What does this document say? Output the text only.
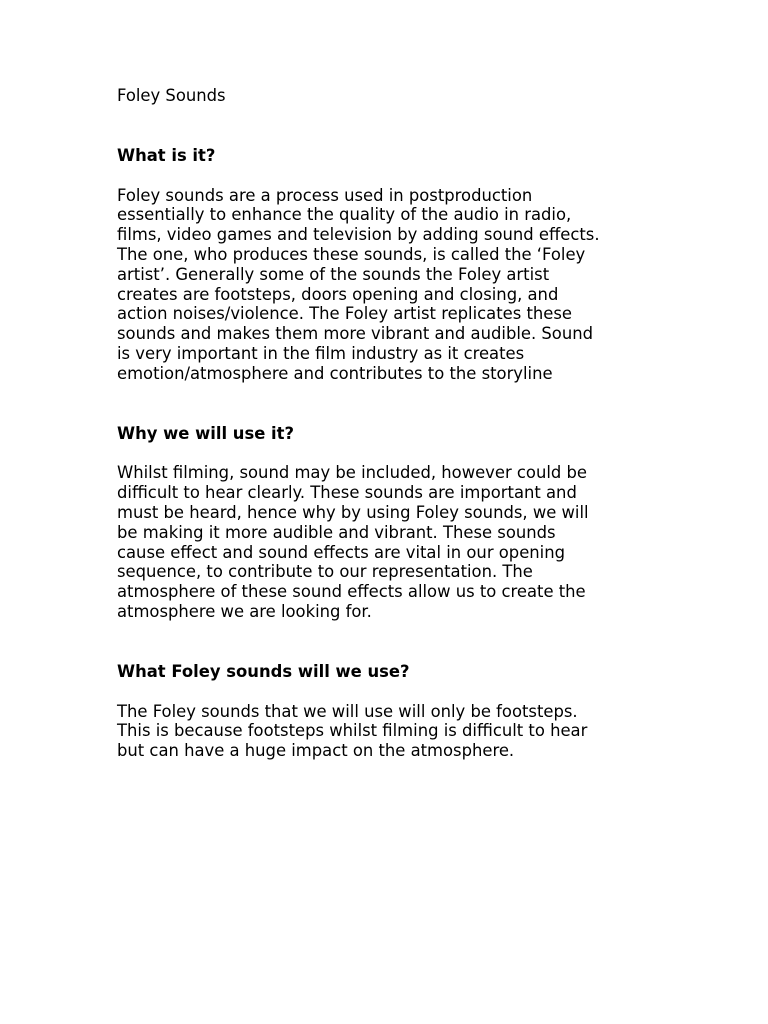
Foley Sounds
What is it?

Foley sounds are a process used in postproduction
essentially to enhance the quality of the audio in radio,
films, video games and television by adding sound effects.
The one, who produces these sounds, is called the ‘Foley
artist’. Generally some of the sounds the Foley artist
creates are footsteps, doors opening and closing, and
action noises/violence. The Foley artist replicates these
sounds and makes them more vibrant and audible. Sound
is very important in the film industry as it creates
emotion/atmosphere and contributes to the storyline

Why we will use it?

Whilst filming, sound may be included, however could be
difficult to hear clearly. These sounds are important and
must be heard, hence why by using Foley sounds, we will
be making it more audible and vibrant. These sounds
cause effect and sound effects are vital in our opening
sequence, to contribute to our representation. The
atmosphere of these sound effects allow us to create the
atmosphere we are looking for.

What Foley sounds will we use?

The Foley sounds that we will use will only be footsteps.
This is because footsteps whilst filming is difficult to hear
but can have a huge impact on the atmosphere.
